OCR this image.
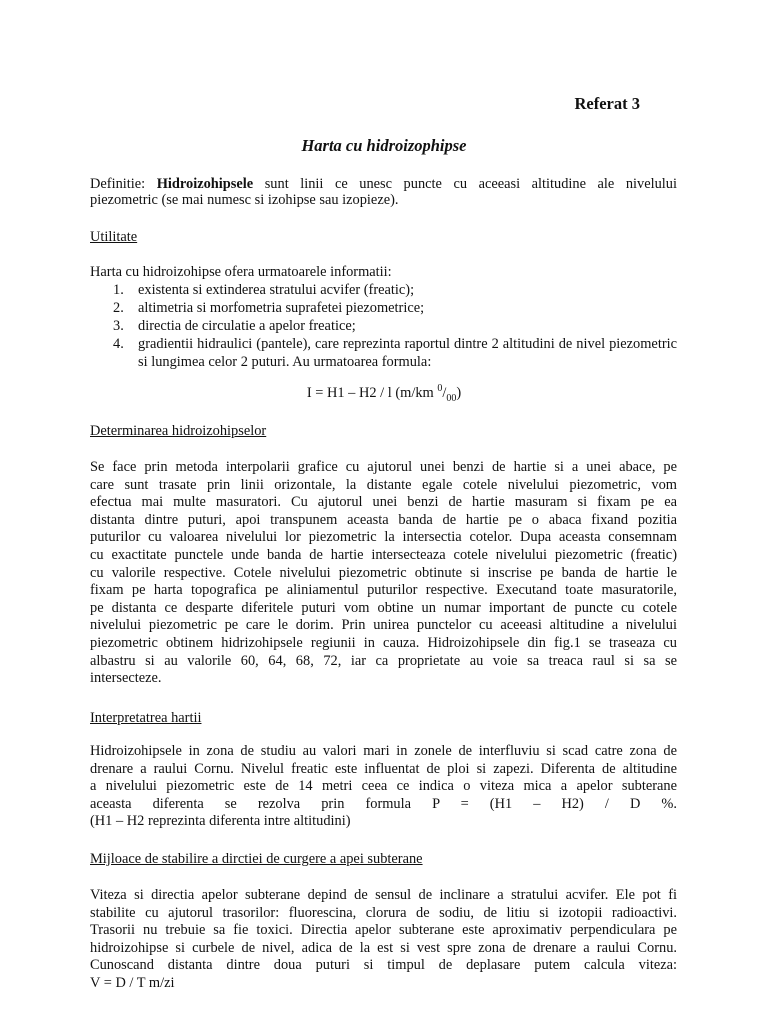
Referat 3
Harta cu hidroizophipse

Definitie: Hidroizohipsele sunt linii ce unesc puncte cu aceeasi altitudine ale nivelului

piezometric (se mai numesc si izohipse sau izopieze).

Utilitate

Harta cu hidroizohipse ofera urmatoarele informatii:

1. existenta si extinderea stratului acvifer (freatic);
2. altimetria si morfometria suprafetei piezometrice;
3. directia de circulatie a apelor freatice;
4. gradientii hidraulici (pantele), care reprezinta raportul dintre 2 altitudini de nivel piezometric si lungimea celor 2 puturi. Au urmatoarea formula:
I = H1 – H2 / l (m/km $^0/_{00}$)

Determinarea hidroizohipselor

Se face prin metoda interpolarii grafice cu ajutorul unei benzi de hartie si a unei abace, pe

care sunt trasate prin linii orizontale, la distante egale cotele nivelului piezometric, vom

efectua mai multe masuratori. Cu ajutorul unei benzi de hartie masuram si fixam pe ea

distanta dintre puturi, apoi transpunem aceasta banda de hartie pe o abaca fixand pozitia

puturilor cu valoarea nivelului lor piezometric la intersectia cotelor. Dupa aceasta consemnam

cu exactitate punctele unde banda de hartie intersecteaza cotele nivelului piezometric (freatic)

cu valorile respective. Cotele nivelului piezometric obtinute si inscrise pe banda de hartie le

fixam pe harta topografica pe aliniamentul puturilor respective. Executand toate masuratorile,

pe distanta ce desparte diferitele puturi vom obtine un numar important de puncte cu cotele

nivelului piezometric pe care le dorim. Prin unirea punctelor cu aceeasi altitudine a nivelului

piezometric obtinem hidrizohipsele regiunii in cauza. Hidroizohipsele din fig.1 se traseaza cu

albastru si au valorile 60, 64, 68, 72, iar ca proprietate au voie sa treaca raul si sa se

intersecteze.

Interpretatrea hartii

Hidroizohipsele in zona de studiu au valori mari in zonele de interfluviu si scad catre zona de

drenare a raului Cornu. Nivelul freatic este influentat de ploi si zapezi. Diferenta de altitudine

a nivelului piezometric este de 14 metri ceea ce indica o viteza mica a apelor subterane

aceasta diferenta se rezolva prin formula P = (H1 – H2) / D %.

(H1 – H2 reprezinta diferenta intre altitudini)

Mijloace de stabilire a dirctiei de curgere a apei subterane

Viteza si directia apelor subterane depind de sensul de inclinare a stratului acvifer. Ele pot fi

stabilite cu ajutorul trasorilor: fluorescina, clorura de sodiu, de litiu si izotopii radioactivi.

Trasorii nu trebuie sa fie toxici. Directia apelor subterane este aproximativ perpendiculara pe

hidroizohipse si curbele de nivel, adica de la est si vest spre zona de drenare a raului Cornu.

Cunoscand distanta dintre doua puturi si timpul de deplasare putem calcula viteza:

V = D / T m/zi
